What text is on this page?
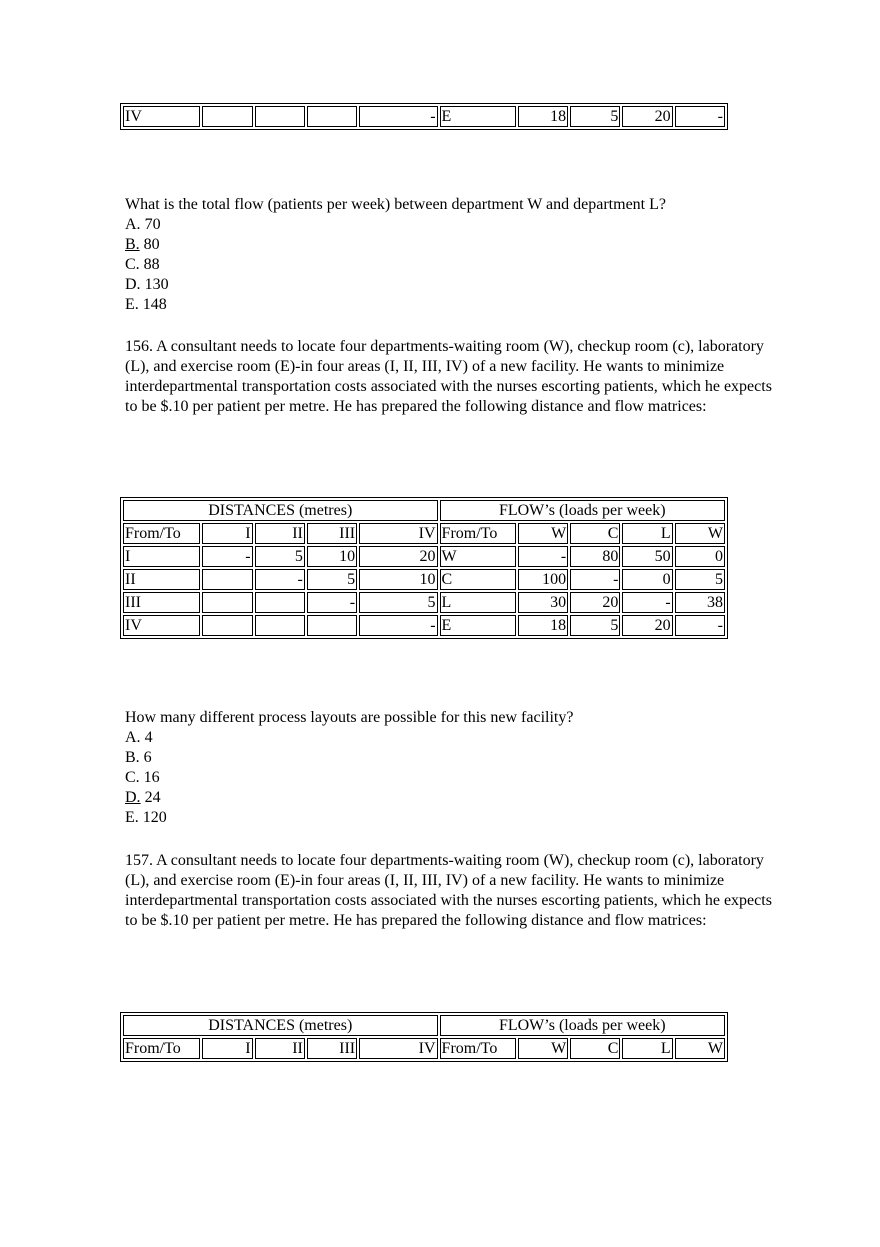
IV				-	E	18	5	20	-

What is the total flow (patients per week) between department W and department L?

A. 70

B. 80

C. 88

D. 130

E. 148

156. A consultant needs to locate four departments-waiting room (W), checkup room (c), laboratory (L), and exercise room (E)-in four areas (I, II, III, IV) of a new facility. He wants to minimize interdepartmental transportation costs associated with the nurses escorting patients, which he expects to be $.10 per patient per metre. He has prepared the following distance and flow matrices:

DISTANCES (metres)					FLOW’s (loads per week)				
From/To	I	II	III	IV	From/To	W	C	L	W
I	-	5	10	20	W	-	80	50	0
II		-	5	10	C	100	-	0	5
III			-	5	L	30	20	-	38
IV				-	E	18	5	20	-

How many different process layouts are possible for this new facility?

A. 4

B. 6

C. 16

D. 24

E. 120

157. A consultant needs to locate four departments-waiting room (W), checkup room (c), laboratory (L), and exercise room (E)-in four areas (I, II, III, IV) of a new facility. He wants to minimize interdepartmental transportation costs associated with the nurses escorting patients, which he expects to be $.10 per patient per metre. He has prepared the following distance and flow matrices:

DISTANCES (metres)					FLOW’s (loads per week)				
From/To	I	II	III	IV	From/To	W	C	L	W
